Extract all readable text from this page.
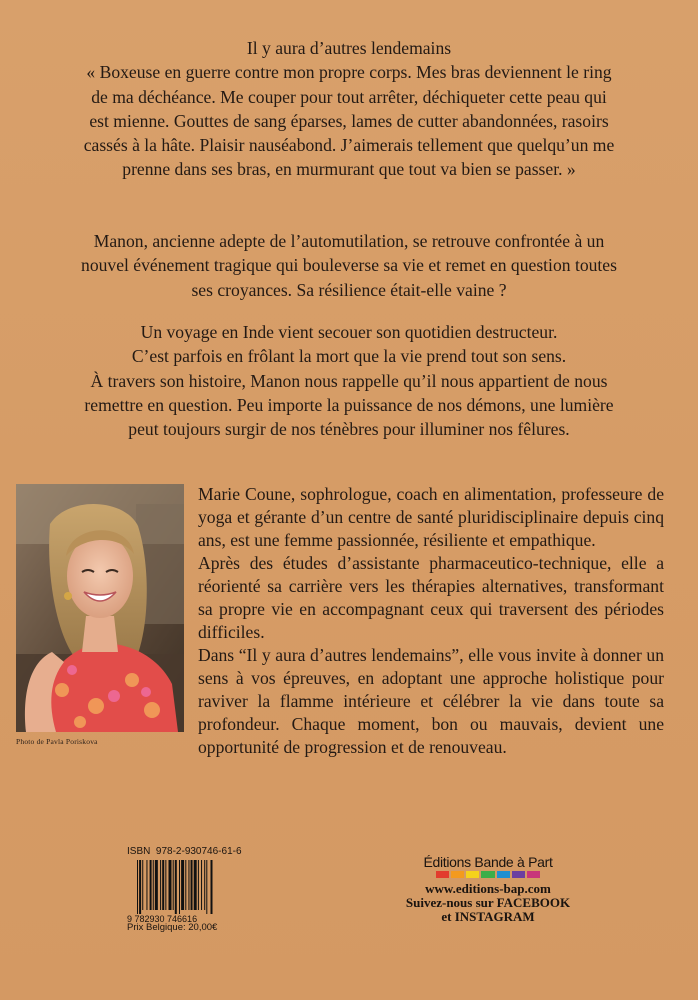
Il y aura d’autres lendemains

« Boxeuse en guerre contre mon propre corps. Mes bras deviennent le ring

de ma déchéance. Me couper pour tout arrêter, déchiqueter cette peau qui

est mienne. Gouttes de sang éparses, lames de cutter abandonnées, rasoirs

cassés à la hâte. Plaisir nauséabond. J’aimerais tellement que quelqu’un me

prenne dans ses bras, en murmurant que tout va bien se passer. »

Manon, ancienne adepte de l’automutilation, se retrouve confrontée à un

nouvel événement tragique qui bouleverse sa vie et remet en question toutes

ses croyances. Sa résilience était-elle vaine ?

Un voyage en Inde vient secouer son quotidien destructeur.

C’est parfois en frôlant la mort que la vie prend tout son sens.

À travers son histoire, Manon nous rappelle qu’il nous appartient de nous

remettre en question. Peu importe la puissance de nos démons, une lumière

peut toujours surgir de nos ténèbres pour illuminer nos fêlures.

Photo de Pavla Poriskova

Marie Coune, sophrologue, coach en alimentation, professeure de yoga et gérante d’un centre de santé pluridisciplinaire depuis cinq ans, est une femme passionnée, résiliente et empathique.

Après des études d’assistante pharmaceutico-technique, elle a réorienté sa carrière vers les thérapies alternatives, transformant sa propre vie en accompagnant ceux qui traversent des périodes difficiles.

Dans “Il y aura d’autres lendemains”, elle vous invite à donner un sens à vos épreuves, en adoptant une approche holistique pour raviver la flamme intérieure et célébrer la vie dans toute sa profondeur. Chaque moment, bon ou mauvais, devient une opportunité de progression et de renouveau.

ISBN 978-2-930746-61-6
9 782930 746616
Prix Belgique: 20,00€
Éditions Bande à Part
www.editions-bap.com
Suivez-nous sur FACEBOOK
et INSTAGRAM
